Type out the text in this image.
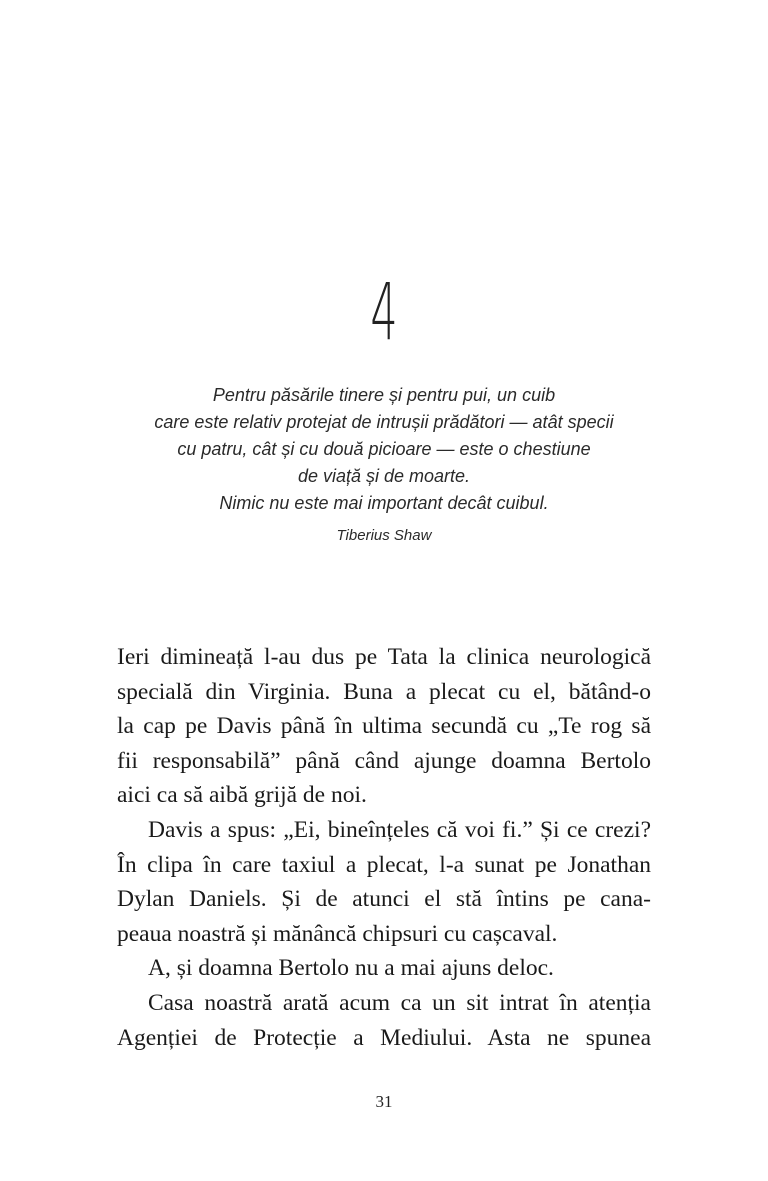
4
Pentru păsările tinere și pentru pui, un cuib
care este relativ protejat de intrușii prădători — atât specii
cu patru, cât și cu două picioare — este o chestiune
de viață și de moarte.
Nimic nu este mai important decât cuibul.
Tiberius Shaw
Ieri dimineață l-au dus pe Tata la clinica neurologică
specială din Virginia. Buna a plecat cu el, bătând-o
la cap pe Davis până în ultima secundă cu „Te rog să
fii responsabilă” până când ajunge doamna Bertolo
aici ca să aibă grijă de noi.
Davis a spus: „Ei, bineînțeles că voi fi.” Și ce crezi?
În clipa în care taxiul a plecat, l-a sunat pe Jonathan
Dylan Daniels. Și de atunci el stă întins pe cana-
peaua noastră și mănâncă chipsuri cu cașcaval.
A, și doamna Bertolo nu a mai ajuns deloc.
Casa noastră arată acum ca un sit intrat în atenția
Agenției de Protecție a Mediului. Asta ne spunea
31
